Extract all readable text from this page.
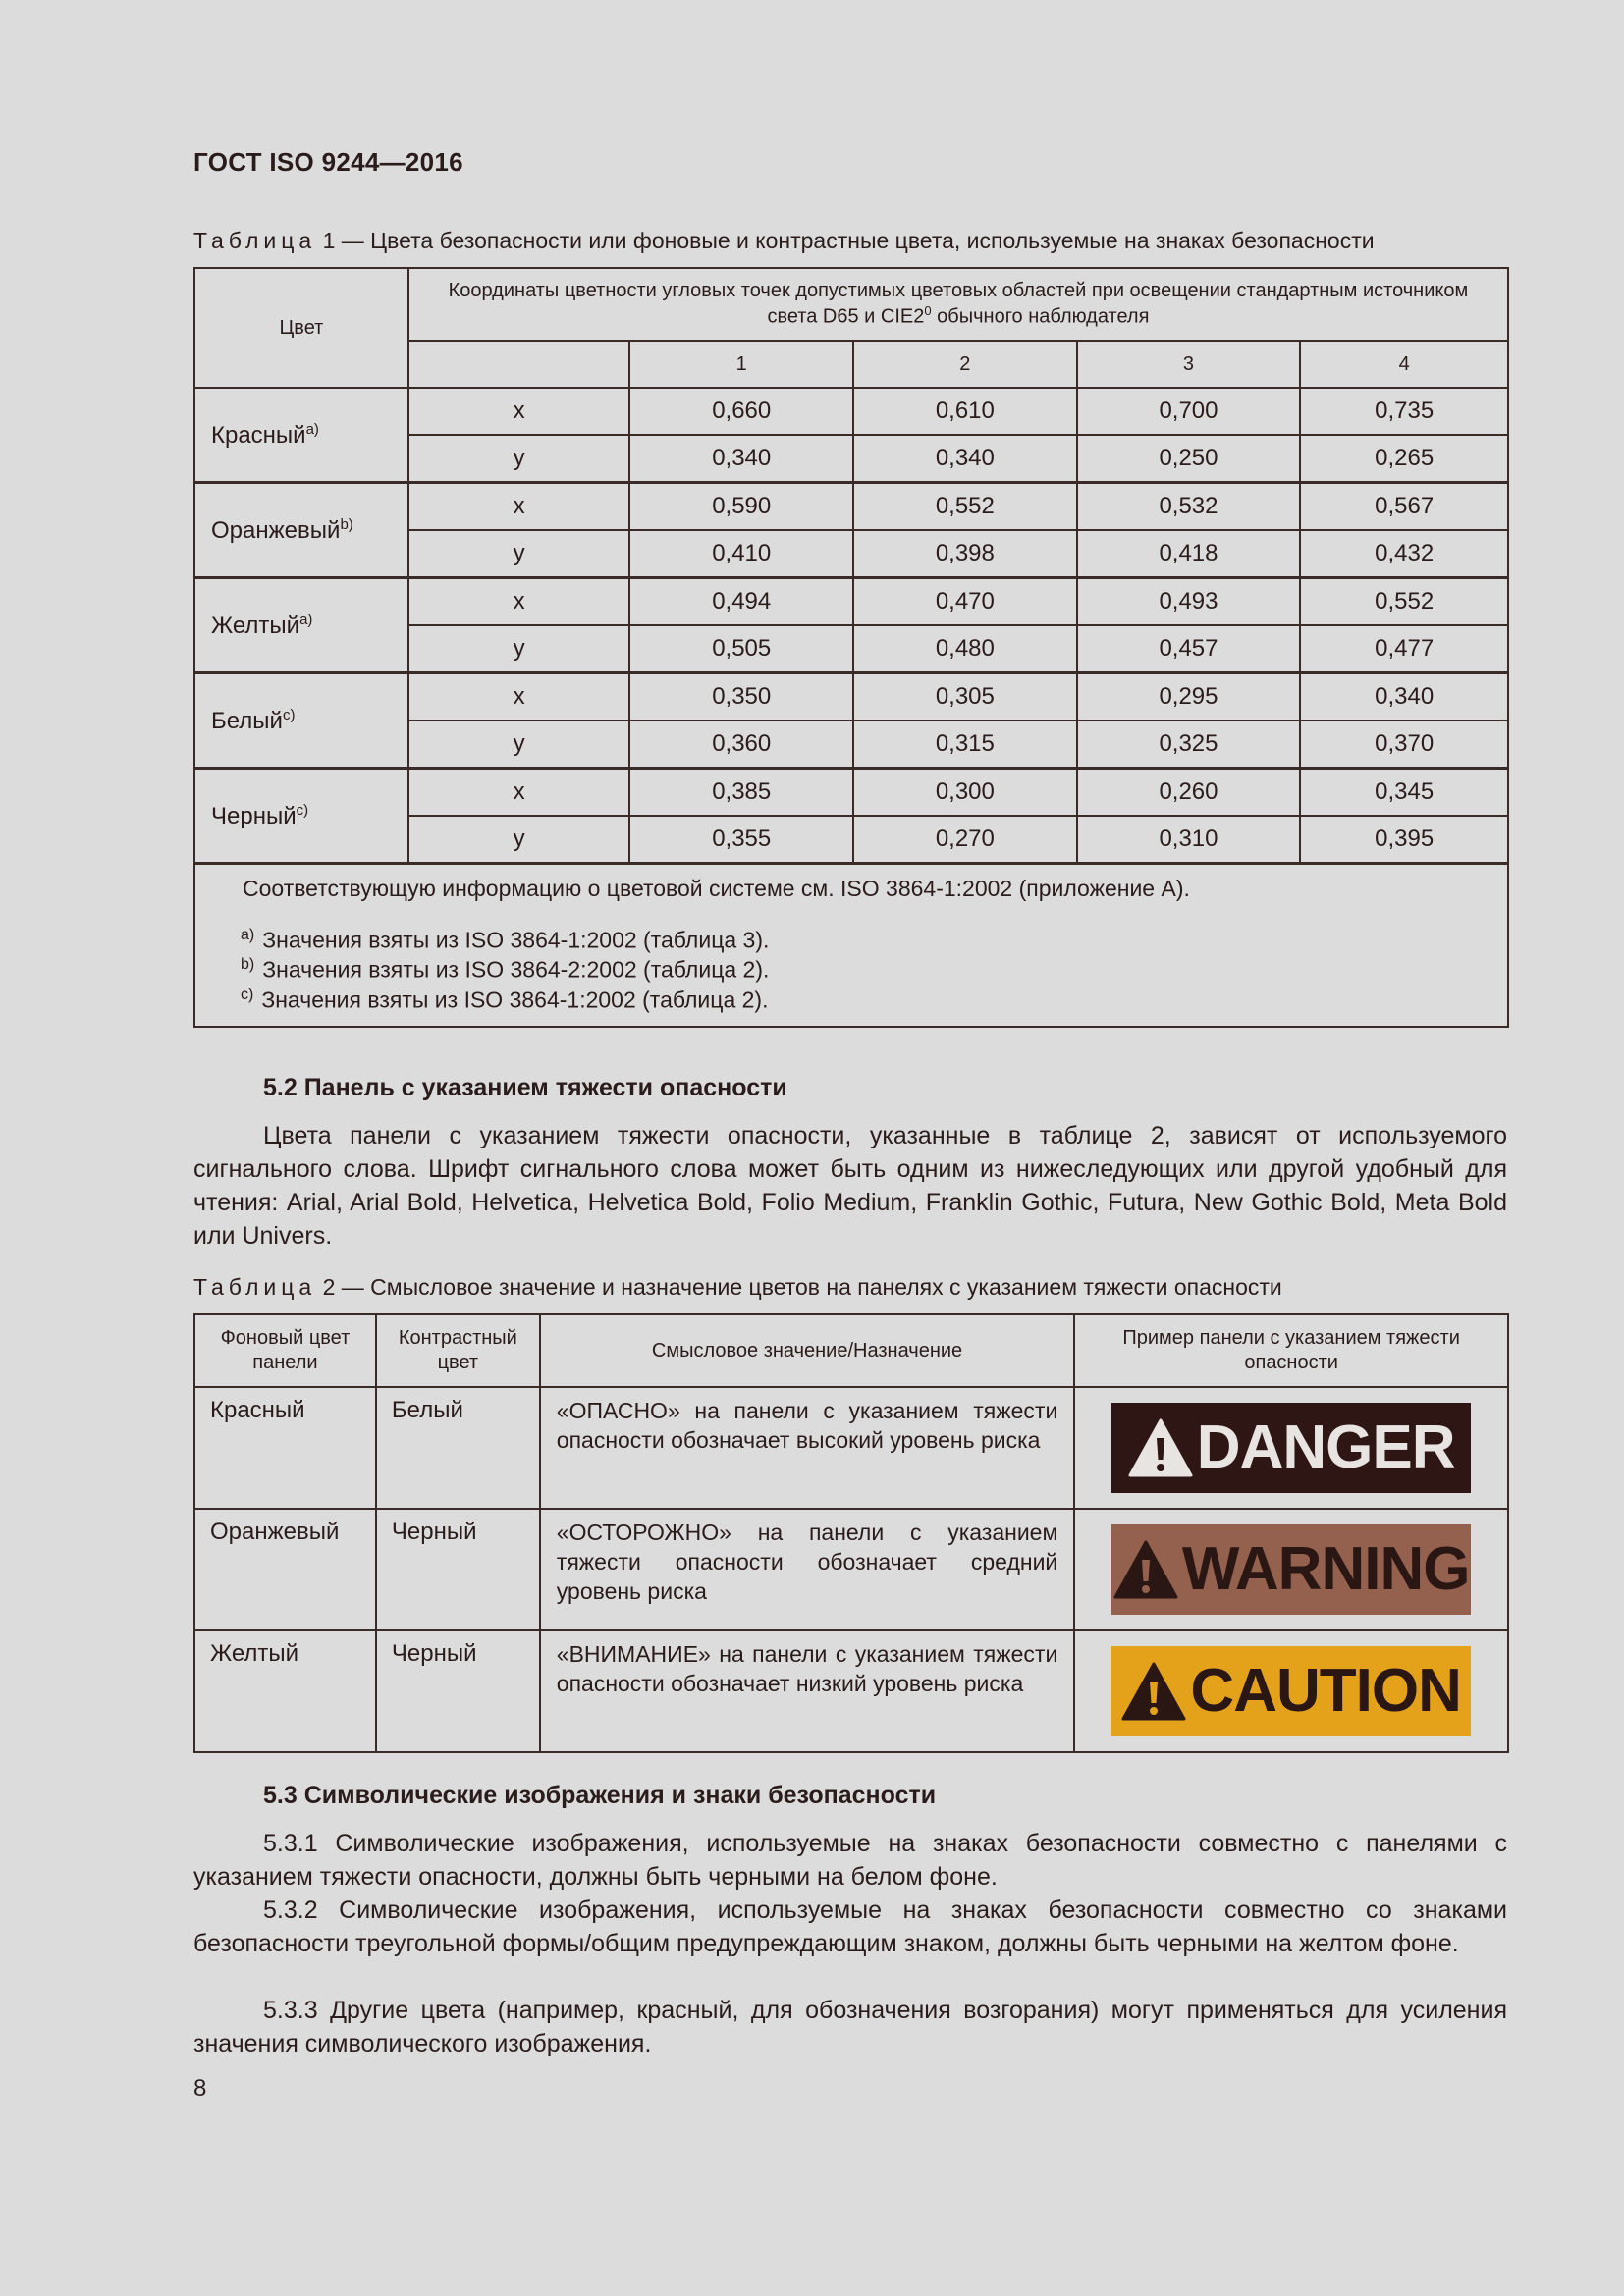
ГОСТ ISO 9244—2016
Таблица 1 — Цвета безопасности или фоновые и контрастные цвета, используемые на знаках безопасности
Цвет	Координаты цветности угловых точек допустимых цветовых областей при освещении стандартным источником света D65 и $CIE2^0$ обычного наблюдателя				
		1	2	3	4
Красный$^{a)}$	x	0,660	0,610	0,700	0,735
	y	0,340	0,340	0,250	0,265
Оранжевый$^{b)}$	x	0,590	0,552	0,532	0,567
	y	0,410	0,398	0,418	0,432
Желтый$^{a)}$	x	0,494	0,470	0,493	0,552
	y	0,505	0,480	0,457	0,477
Белый$^{c)}$	x	0,350	0,305	0,295	0,340
	y	0,360	0,315	0,325	0,370
Черный$^{c)}$	x	0,385	0,300	0,260	0,345
	y	0,355	0,270	0,310	0,395

Соответствующую информацию о цветовой системе см. ISO 3864-1:2002 (приложение А).
$^{a)}$ Значения взяты из ISO 3864-1:2002 (таблица 3).
$^{b)}$ Значения взяты из ISO 3864-2:2002 (таблица 2).
$^{c)}$ Значения взяты из ISO 3864-1:2002 (таблица 2).					
5.2 Панель с указанием тяжести опасности
Цвета панели с указанием тяжести опасности, указанные в таблице 2, зависят от используемого сигнального слова. Шрифт сигнального слова может быть одним из нижеследующих или другой удобный для чтения: Arial, Arial Bold, Helvetica, Helvetica Bold, Folio Medium, Franklin Gothic, Futura, New Gothic Bold, Meta Bold или Univers.
Таблица 2 — Смысловое значение и назначение цветов на панелях с указанием тяжести опасности
Фоновый цвет панели	Контрастный цвет	Смысловое значение/Назначение	Пример панели с указанием тяжести опасности
Красный	Белый	«ОПАСНО» на панели с указанием тяжести опасности обозначает высокий уровень риска	DANGER

Оранжевый	Черный	«ОСТОРОЖНО» на панели с указанием тяжести опасности обозначает средний уровень риска	WARNING

Желтый	Черный	«ВНИМАНИЕ» на панели с указанием тяжести опасности обозначает низкий уровень риска	CAUTION
5.3 Символические изображения и знаки безопасности
5.3.1 Символические изображения, используемые на знаках безопасности совместно с панелями с указанием тяжести опасности, должны быть черными на белом фоне.
5.3.2 Символические изображения, используемые на знаках безопасности совместно со знаками безопасности треугольной формы/общим предупреждающим знаком, должны быть черными на желтом фоне.
5.3.3 Другие цвета (например, красный, для обозначения возгорания) могут применяться для усиления значения символического изображения.
8
